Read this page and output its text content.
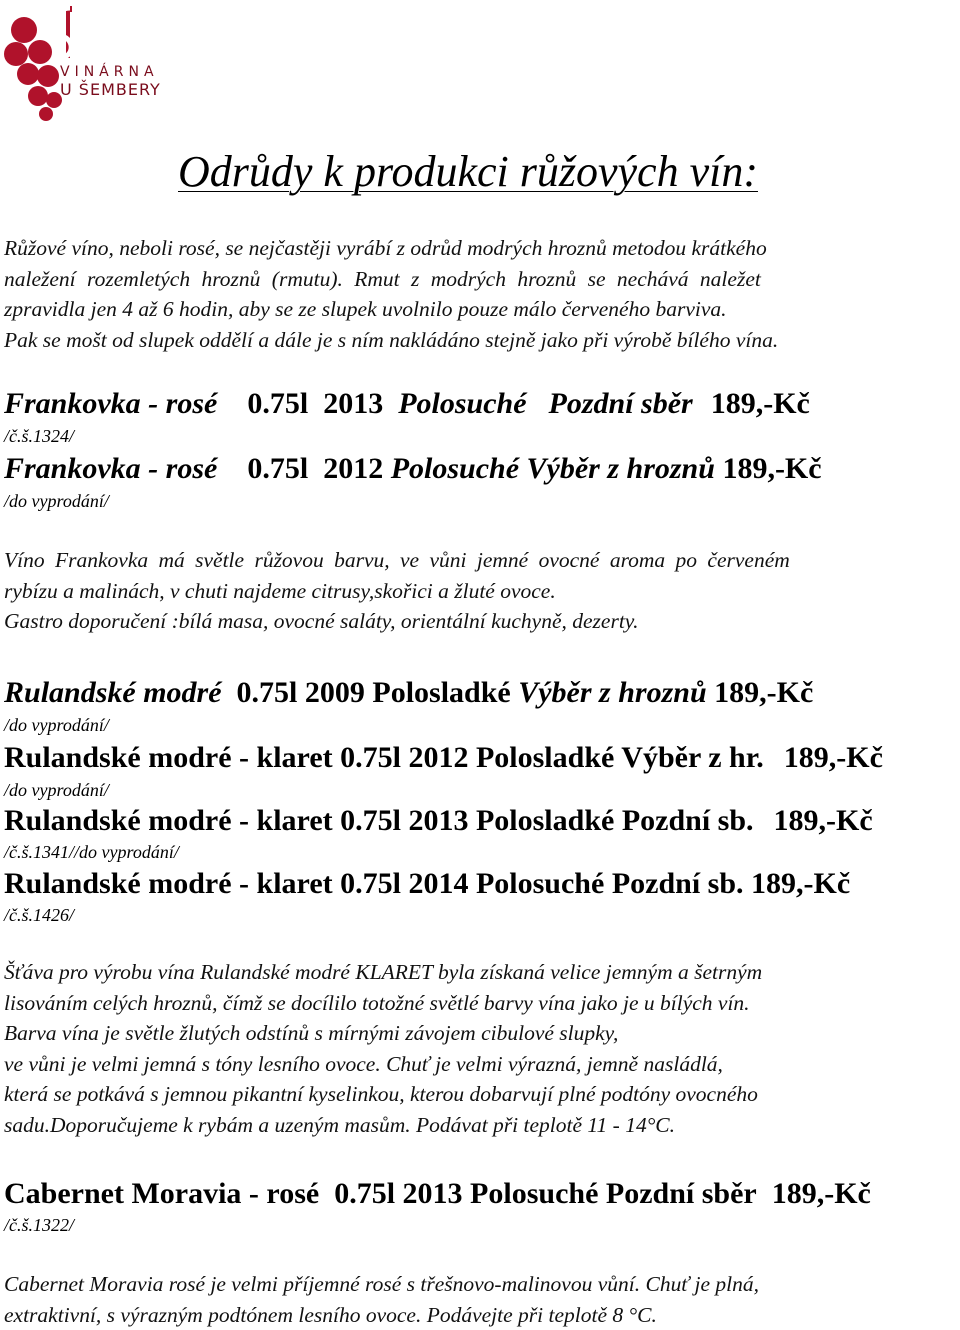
VINÁRNA
U ŠEMBERY
Odrůdy k produkci růžových vín:
Růžové víno, neboli rosé, se nejčastěji vyrábí z odrůd modrých hroznů metodou krátkého
naležení rozemletých hroznů (rmutu). Rmut z modrých hroznů se nechává naležet
zpravidla jen 4 až 6 hodin, aby se ze slupek uvolnilo pouze málo červeného barviva.
Pak se mošt od slupek oddělí a dále je s ním nakládáno stejně jako při výrobě bílého vína.
Frankovka - rosé 0.75l 2013 Polosuché Pozdní sběr 189,-Kč
/č.š.1324/
Frankovka - rosé 0.75l 2012 Polosuché Výběr z hroznů 189,-Kč
/do vyprodání/
Víno Frankovka má světle růžovou barvu, ve vůni jemné ovocné aroma po červeném
rybízu a malinách, v chuti najdeme citrusy,skořici a žluté ovoce.
Gastro doporučení :bílá masa, ovocné saláty, orientální kuchyně, dezerty.
Rulandské modré 0.75l 2009 Polosladké Výběr z hroznů 189,-Kč
/do vyprodání/
Rulandské modré - klaret 0.75l 2012 Polosladké Výběr z hr. 189,-Kč
/do vyprodání/
Rulandské modré - klaret 0.75l 2013 Polosladké Pozdní sb. 189,-Kč
/č.š.1341//do vyprodání/
Rulandské modré - klaret 0.75l 2014 Polosuché Pozdní sb. 189,-Kč
/č.š.1426/
Šťáva pro výrobu vína Rulandské modré KLARET byla získaná velice jemným a šetrným
lisováním celých hroznů, čímž se docílilo totožné světlé barvy vína jako je u bílých vín.
Barva vína je světle žlutých odstínů s mírnými závojem cibulové slupky,
ve vůni je velmi jemná s tóny lesního ovoce. Chuť je velmi výrazná, jemně nasládlá,
která se potkává s jemnou pikantní kyselinkou, kterou dobarvují plné podtóny ovocného
sadu.Doporučujeme k rybám a uzeným masům. Podávat při teplotě 11 - 14°C.
Cabernet Moravia - rosé 0.75l 2013 Polosuché Pozdní sběr 189,-Kč
/č.š.1322/
Cabernet Moravia rosé je velmi příjemné rosé s třešnovo-malinovou vůní. Chuť je plná,
extraktivní, s výrazným podtónem lesního ovoce. Podávejte při teplotě 8 °C.
